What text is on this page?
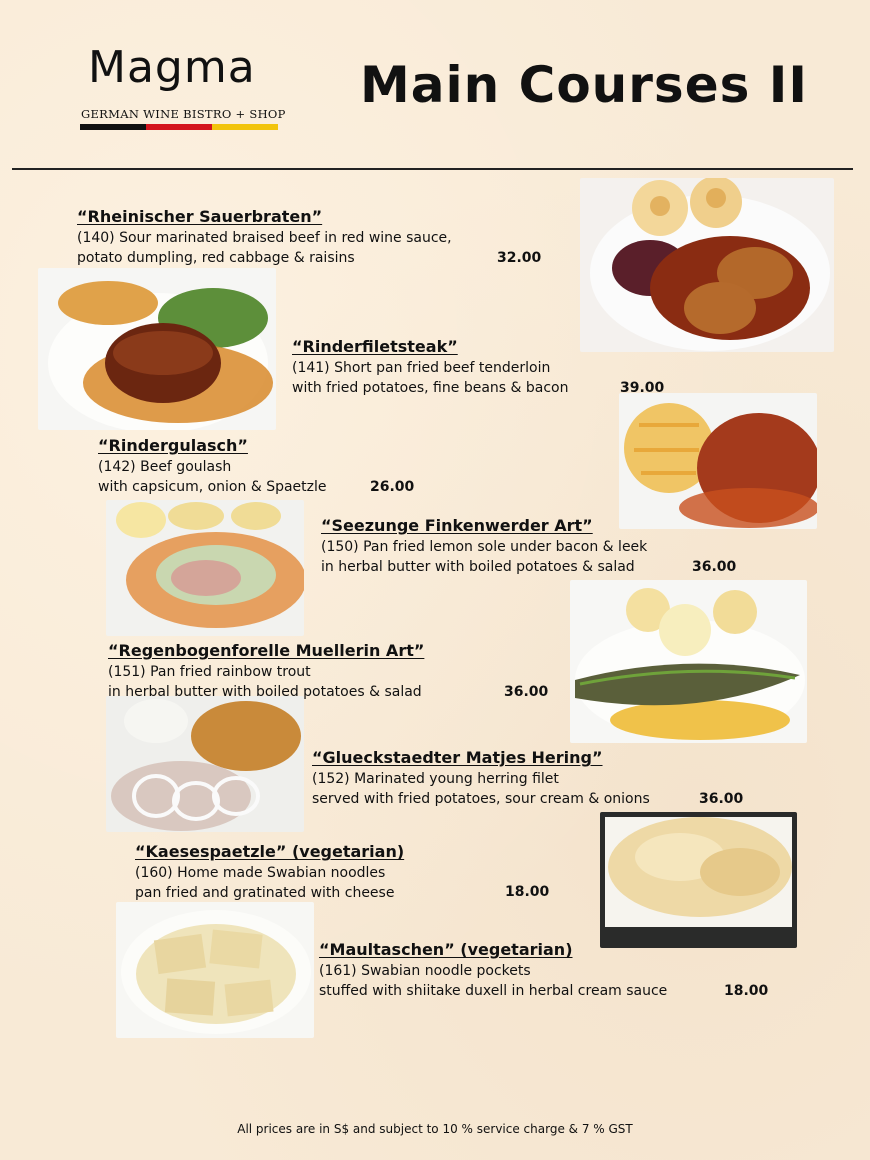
Magma
GERMAN WINE BISTRO + SHOP Main Courses II
“Rheinischer Sauerbraten”
(140) Sour marinated braised beef in red wine sauce,
potato dumpling, red cabbage & raisins	32.00
“Rinderfiletsteak”
(141) Short pan fried beef tenderloin
with fried potatoes, fine beans & bacon	39.00
“Rindergulasch”
(142) Beef goulash
with capsicum, onion & Spaetzle	26.00
“Seezunge Finkenwerder Art”
(150) Pan fried lemon sole under bacon & leek
in herbal butter with boiled potatoes & salad	36.00
“Regenbogenforelle Muellerin Art”
(151) Pan fried rainbow trout
in herbal butter with boiled potatoes & salad	36.00
“Glueckstaedter Matjes Hering”
(152) Marinated young herring filet
served with fried potatoes, sour cream & onions	36.00
“Kaesespaetzle” (vegetarian)
(160) Home made Swabian noodles
pan fried and gratinated with cheese	18.00
“Maultaschen” (vegetarian)
(161) Swabian noodle pockets
stuffed with shiitake duxell in herbal cream sauce	18.00
All prices are in S$ and subject to 10 % service charge & 7 % GST
